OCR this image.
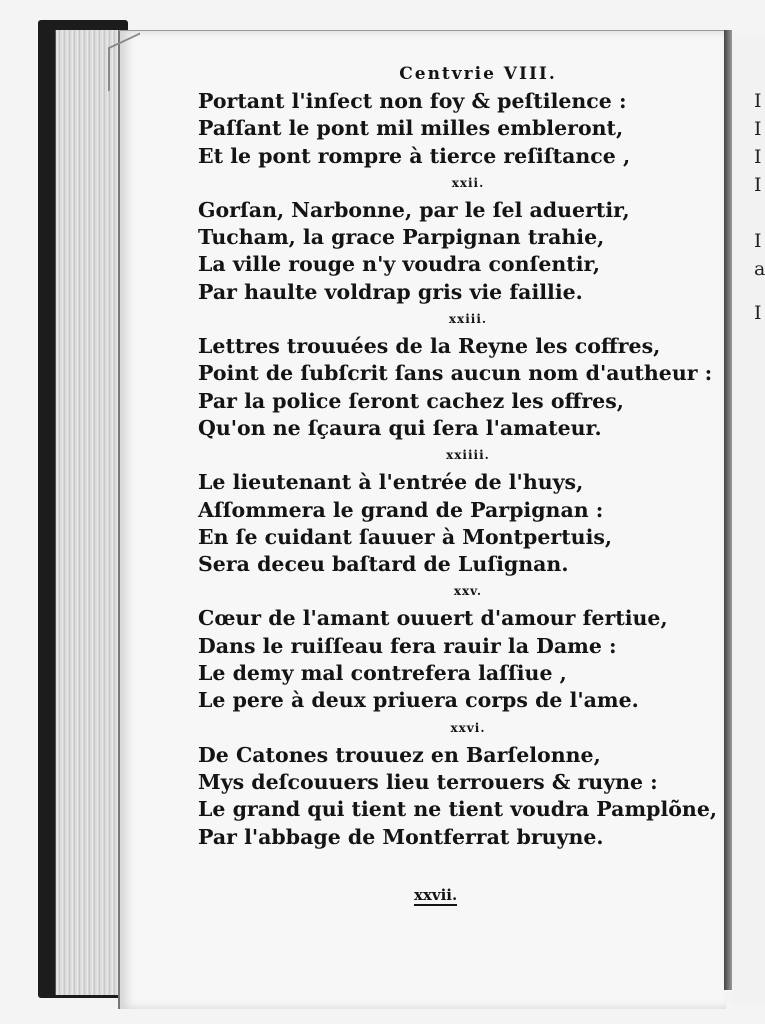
I
I
I
I
I
a
I
Centvrie VIII.
Portant l'inſect non foy & peſtilence :
Paſſant le pont mil milles embleront,
Et le pont rompre à tierce reſiſtance ,
xxii.
Gorſan, Narbonne, par le ſel aduertir,
Tucham, la grace Parpignan trahie,
La ville rouge n'y voudra conſentir,
Par haulte voldrap gris vie faillie.
xxiii.
Lettres trouuées de la Reyne les coffres,
Point de ſubſcrit ſans aucun nom d'autheur :
Par la police ſeront cachez les offres,
Qu'on ne ſçaura qui ſera l'amateur.
xxiiii.
Le lieutenant à l'entrée de l'huys,
Aſſommera le grand de Parpignan :
En ſe cuidant ſauuer à Montpertuis,
Sera deceu baſtard de Luſignan.
xxv.
Cœur de l'amant ouuert d'amour fertiue,
Dans le ruiſſeau fera rauir la Dame :
Le demy mal contrefera laſſiue ,
Le pere à deux priuera corps de l'ame.
xxvi.
De Catones trouuez en Barſelonne,
Mys deſcouuers lieu terrouers & ruyne :
Le grand qui tient ne tient voudra Pamplõne,
Par l'abbage de Montferrat bruyne.
xxvii.
